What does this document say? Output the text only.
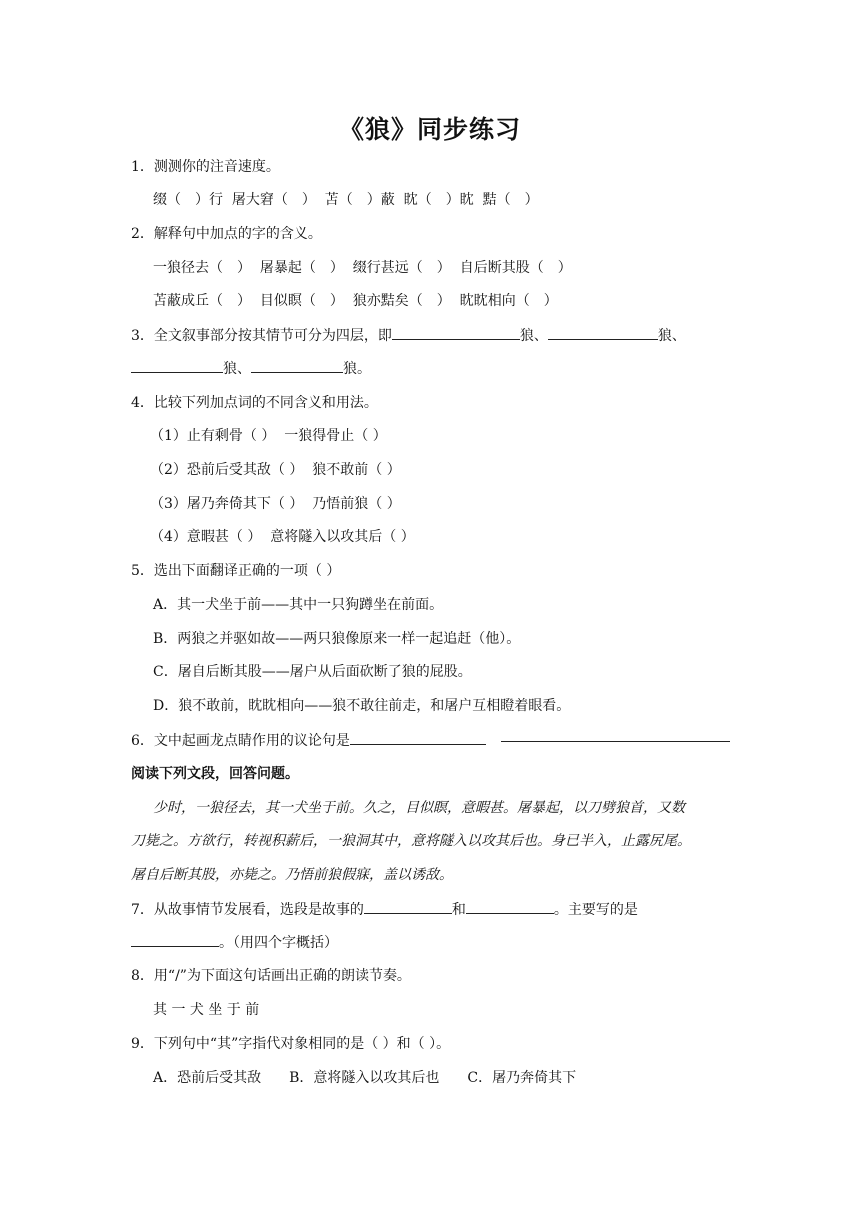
《狼》同步练习
1．测测你的注音速度。
缀（　）行  屠大窘（　）  苫（　）蔽  眈（　）眈  黠（　）
2．解释句中加点的字的含义。
一狼径去（　）  屠暴起（　）  缀行甚远（　）  自后断其股（　）
苫蔽成丘（　）  目似瞑（　）  狼亦黠矣（　）  眈眈相向（　）
3．全文叙事部分按其情节可分为四层，即	狼、	狼、
狼、	狼。
4．比较下列加点词的不同含义和用法。
（1）止有剩骨（ ）  一狼得骨止（ ）
（2）恐前后受其敌（ ）  狼不敢前（ ）
（3）屠乃奔倚其下（ ）  乃悟前狼（ ）
（4）意暇甚（ ）  意将隧入以攻其后（ ）
5．选出下面翻译正确的一项（ ）
A．其一犬坐于前——其中一只狗蹲坐在前面。
B．两狼之并驱如故——两只狼像原来一样一起追赶（他）。
C．屠自后断其股——屠户从后面砍断了狼的屁股。
D．狼不敢前，眈眈相向——狼不敢往前走，和屠户互相瞪着眼看。
6．文中起画龙点睛作用的议论句是
阅读下列文段，回答问题。
少时，一狼径去，其一犬坐于前。久之，目似瞑，意暇甚。屠暴起，以刀劈狼首，又数
刀毙之。方欲行，转视积薪后，一狼洞其中，意将隧入以攻其后也。身已半入，止露尻尾。
屠自后断其股，亦毙之。乃悟前狼假寐，盖以诱敌。
7．从故事情节发展看，选段是故事的	和	。主要写的是
。（用四个字概括）
8．用“/”为下面这句话画出正确的朗读节奏。
其 一 犬 坐 于 前
9．下列句中“其”字指代对象相同的是（ ）和（ ）。
A．恐前后受其敌　　B．意将隧入以攻其后也　　C．屠乃奔倚其下
